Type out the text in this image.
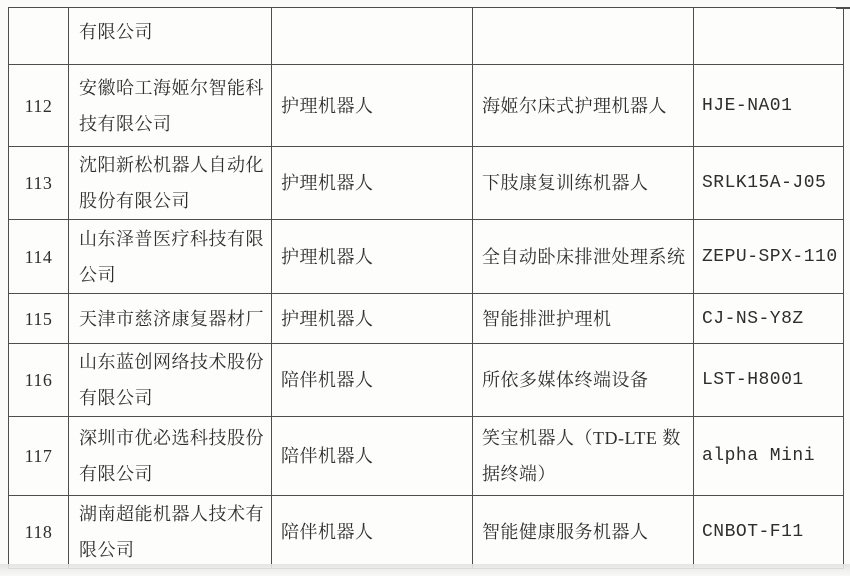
	有限公司			
112	安徽哈工海姬尔智能科技有限公司	护理机器人	海姬尔床式护理机器人	HJE-NA01
113	沈阳新松机器人自动化股份有限公司	护理机器人	下肢康复训练机器人	SRLK15A-J05
114	山东泽普医疗科技有限公司	护理机器人	全自动卧床排泄处理系统	ZEPU-SPX-110
115	天津市慈济康复器材厂	护理机器人	智能排泄护理机	CJ-NS-Y8Z
116	山东蓝创网络技术股份有限公司	陪伴机器人	所依多媒体终端设备	LST-H8001
117	深圳市优必选科技股份有限公司	陪伴机器人	笑宝机器人（TD-LTE 数据终端）	alpha Mini
118	湖南超能机器人技术有限公司	陪伴机器人	智能健康服务机器人	CNBOT-F11
